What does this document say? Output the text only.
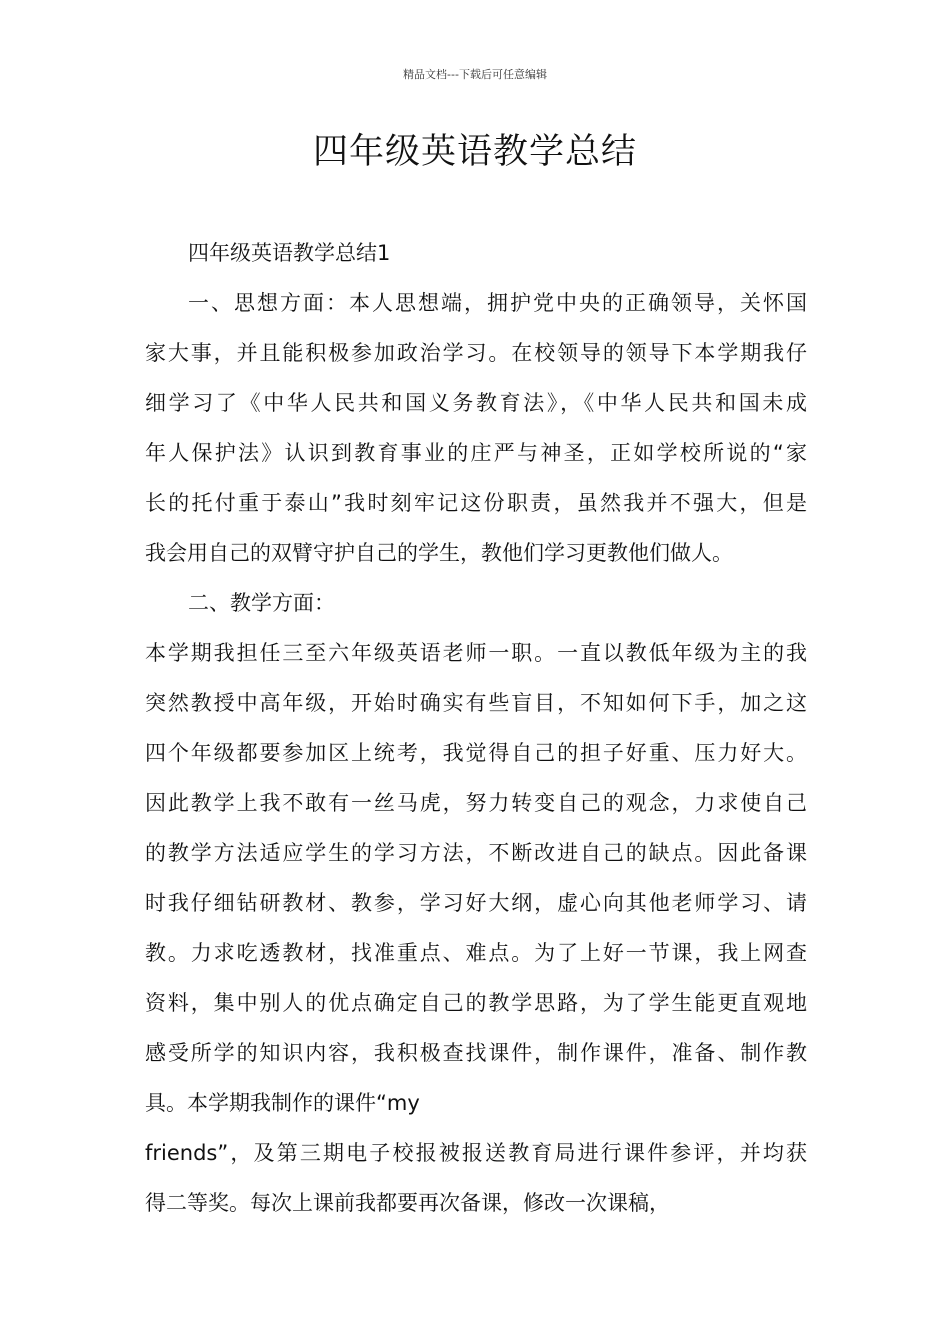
精品文档---下载后可任意编辑
四年级英语教学总结
四年级英语教学总结1
一、思想方面：本人思想端，拥护党中央的正确领导，关怀国
家大事，并且能积极参加政治学习。在校领导的领导下本学期我仔
细学习了《中华人民共和国义务教育法》，《中华人民共和国未成
年人保护法》认识到教育事业的庄严与神圣，正如学校所说的“家
长的托付重于泰山”我时刻牢记这份职责，虽然我并不强大，但是
我会用自己的双臂守护自己的学生，教他们学习更教他们做人。
二、教学方面：
本学期我担任三至六年级英语老师一职。一直以教低年级为主的我
突然教授中高年级，开始时确实有些盲目，不知如何下手，加之这
四个年级都要参加区上统考，我觉得自己的担子好重、压力好大。
因此教学上我不敢有一丝马虎，努力转变自己的观念，力求使自己
的教学方法适应学生的学习方法，不断改进自己的缺点。因此备课
时我仔细钻研教材、教参，学习好大纲，虚心向其他老师学习、请
教。力求吃透教材，找准重点、难点。为了上好一节课，我上网查
资料，集中别人的优点确定自己的教学思路，为了学生能更直观地
感受所学的知识内容，我积极查找课件，制作课件，准备、制作教
具。本学期我制作的课件“my
friends”，及第三期电子校报被报送教育局进行课件参评，并均获
得二等奖。每次上课前我都要再次备课，修改一次课稿，
